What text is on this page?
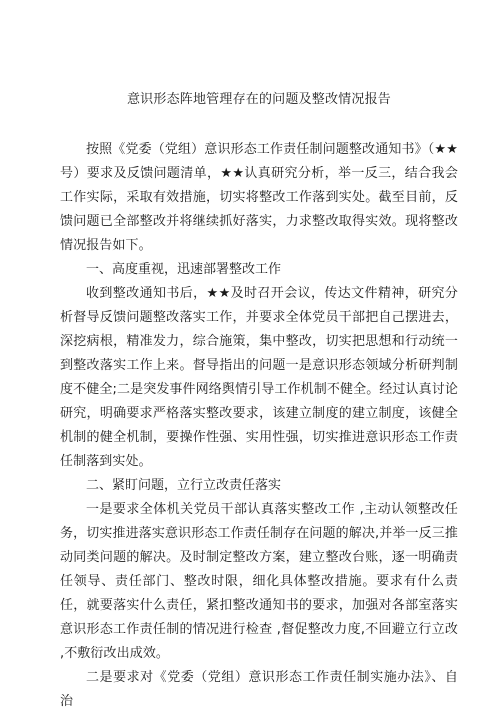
意识形态阵地管理存在的问题及整改情况报告

按照《党委（党组）意识形态工作责任制问题整改通知书》（★★号）要求及反馈问题清单，★★认真研究分析，举一反三，结合我会工作实际，采取有效措施，切实将整改工作落到实处。截至目前，反馈问题已全部整改并将继续抓好落实，力求整改取得实效。现将整改情况报告如下。

一、高度重视，迅速部署整改工作

收到整改通知书后，★★及时召开会议，传达文件精神，研究分析督导反馈问题整改落实工作，并要求全体党员干部把自己摆进去，深挖病根，精准发力，综合施策，集中整改，切实把思想和行动统一到整改落实工作上来。督导指出的问题一是意识形态领域分析研判制度不健全;二是突发事件网络舆情引导工作机制不健全。经过认真讨论研究，明确要求严格落实整改要求，该建立制度的建立制度，该健全机制的健全机制，要操作性强、实用性强，切实推进意识形态工作责任制落到实处。

二、紧盯问题，立行立改责任落实

一是要求全体机关党员干部认真落实整改工作 ,主动认领整改任务，切实推进落实意识形态工作责任制存在问题的解决,并举一反三推动同类问题的解决。及时制定整改方案，建立整改台账，逐一明确责任领导、责任部门、整改时限，细化具体整改措施。要求有什么责任，就要落实什么责任，紧扣整改通知书的要求，加强对各部室落实意识形态工作责任制的情况进行检查 ,督促整改力度,不回避立行立改 ,不敷衍改出成效。

二是要求对《党委（党组）意识形态工作责任制实施办法》、自治
